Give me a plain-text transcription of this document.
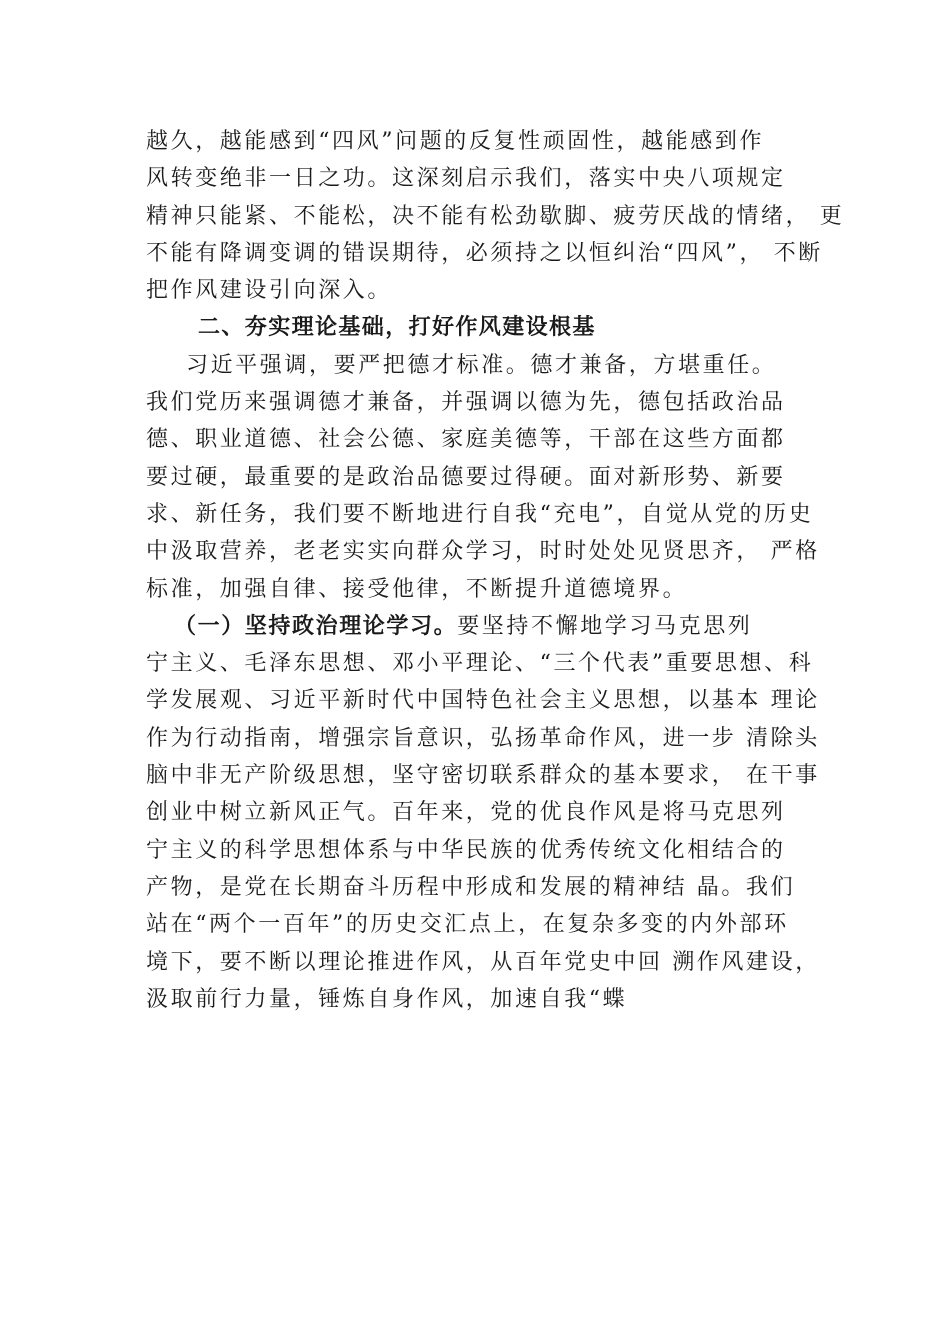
越久，越能感到“四风”问题的反复性顽固性，越能感到作
风转变绝非一日之功。这深刻启示我们，落实中央八项规定
精神只能紧、不能松，决不能有松劲歇脚、疲劳厌战的情绪， 更
不能有降调变调的错误期待，必须持之以恒纠治“四风”， 不断
把作风建设引向深入。
二、夯实理论基础，打好作风建设根基
习近平强调，要严把德才标准。德才兼备，方堪重任。
我们党历来强调德才兼备，并强调以德为先，德包括政治品
德、职业道德、社会公德、家庭美德等，干部在这些方面都
要过硬，最重要的是政治品德要过得硬。面对新形势、新要
求、新任务，我们要不断地进行自我“充电”，自觉从党的历史
中汲取营养，老老实实向群众学习，时时处处见贤思齐， 严格
标准，加强自律、接受他律，不断提升道德境界。
（一）坚持政治理论学习。要坚持不懈地学习马克思列
宁主义、毛泽东思想、邓小平理论、“三个代表”重要思想、科
学发展观、习近平新时代中国特色社会主义思想，以基本 理论
作为行动指南，增强宗旨意识，弘扬革命作风，进一步 清除头
脑中非无产阶级思想，坚守密切联系群众的基本要求， 在干事
创业中树立新风正气。百年来，党的优良作风是将马克思列
宁主义的科学思想体系与中华民族的优秀传统文化相结合的
产物，是党在长期奋斗历程中形成和发展的精神结 晶。我们
站在“两个一百年”的历史交汇点上，在复杂多变的内外部环
境下，要不断以理论推进作风，从百年党史中回 溯作风建设，
汲取前行力量，锤炼自身作风，加速自我“蝶
